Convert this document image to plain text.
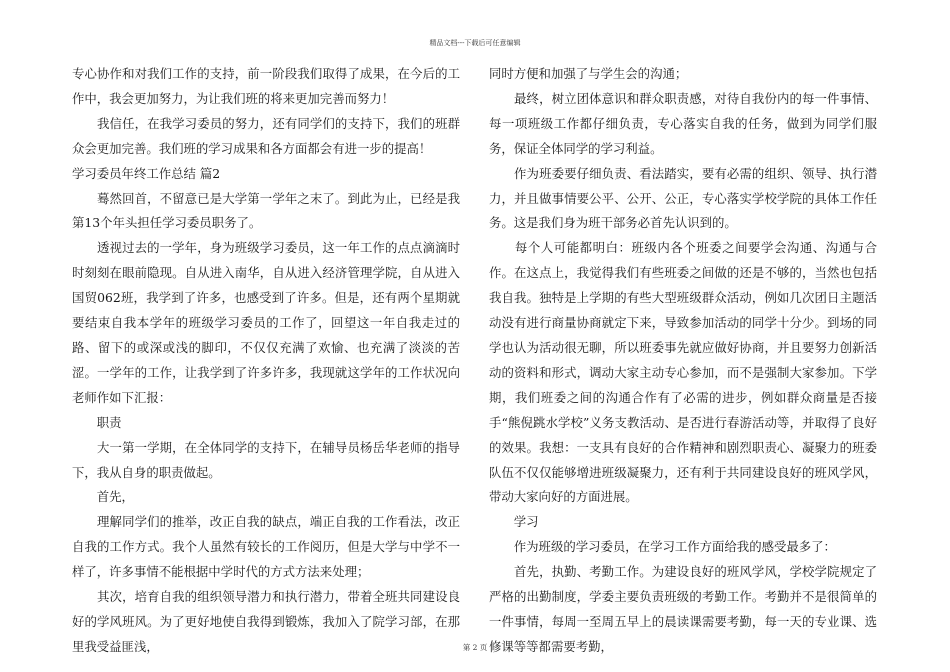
精品文档---下载后可任意编辑

专心协作和对我们工作的支持，前一阶段我们取得了成果，在今后的工作中，我会更加努力，为让我们班的将来更加完善而努力！

　　我信任，在我学习委员的努力，还有同学们的支持下，我们的班群众会更加完善。我们班的学习成果和各方面都会有进一步的提高！

学习委员年终工作总结 篇2

　　蓦然回首，不留意已是大学第一学年之末了。到此为止，已经是我第13个年头担任学习委员职务了。

　　透视过去的一学年，身为班级学习委员，这一年工作的点点滴滴时时刻刻在眼前隐现。自从进入南华，自从进入经济管理学院，自从进入国贸062班，我学到了许多，也感受到了许多。但是，还有两个星期就要结束自我本学年的班级学习委员的工作了，回望这一年自我走过的路、留下的或深或浅的脚印，不仅仅充满了欢愉、也充满了淡淡的苦涩。一学年的工作，让我学到了许多许多，我现就这学年的工作状况向老师作如下汇报：

　　职责

　　大一第一学期，在全体同学的支持下，在辅导员杨岳华老师的指导下，我从自身的职责做起。

　　首先，

　　理解同学们的推举，改正自我的缺点，端正自我的工作看法，改正自我的工作方式。我个人虽然有较长的工作阅历，但是大学与中学不一样了，许多事情不能根据中学时代的方式方法来处理；

　　其次，培育自我的组织领导潜力和执行潜力，带着全班共同建设良好的学风班风。为了更好地使自我得到锻炼，我加入了院学习部，在那里我受益匪浅，

同时方便和加强了与学生会的沟通；

　　最终，树立团体意识和群众职责感，对待自我份内的每一件事情、每一项班级工作都仔细负责，专心落实自我的任务，做到为同学们服务，保证全体同学的学习利益。

　　作为班委要仔细负责、看法踏实，要有必需的组织、领导、执行潜力，并且做事情要公平、公开、公正，专心落实学校学院的具体工作任务。这是我们身为班干部务必首先认识到的。

　　每个人可能都明白：班级内各个班委之间要学会沟通、沟通与合作。在这点上，我觉得我们有些班委之间做的还是不够的，当然也包括我自我。独特是上学期的有些大型班级群众活动，例如几次团日主题活动没有进行商量协商就定下来，导致参加活动的同学十分少。到场的同学也认为活动很无聊，所以班委事先就应做好协商，并且要努力创新活动的资料和形式，调动大家主动专心参加，而不是强制大家参加。下学期，我们班委之间的沟通合作有了必需的进步，例如群众商量是否接手“熊倪跳水学校”义务支教活动、是否进行春游活动等，并取得了良好的效果。我想：一支具有良好的合作精神和剧烈职责心、凝聚力的班委队伍不仅仅能够增进班级凝聚力，还有利于共同建设良好的班风学风，带动大家向好的方面进展。

　　学习

　　作为班级的学习委员，在学习工作方面给我的感受最多了：

　　首先，执勤、考勤工作。为建设良好的班风学风，学校学院规定了严格的出勤制度，学委主要负责班级的考勤工作。考勤并不是很简单的一件事情，每周一至周五早上的晨读课需要考勤，每一天的专业课、选修课等等都需要考勤，

第 2 页
